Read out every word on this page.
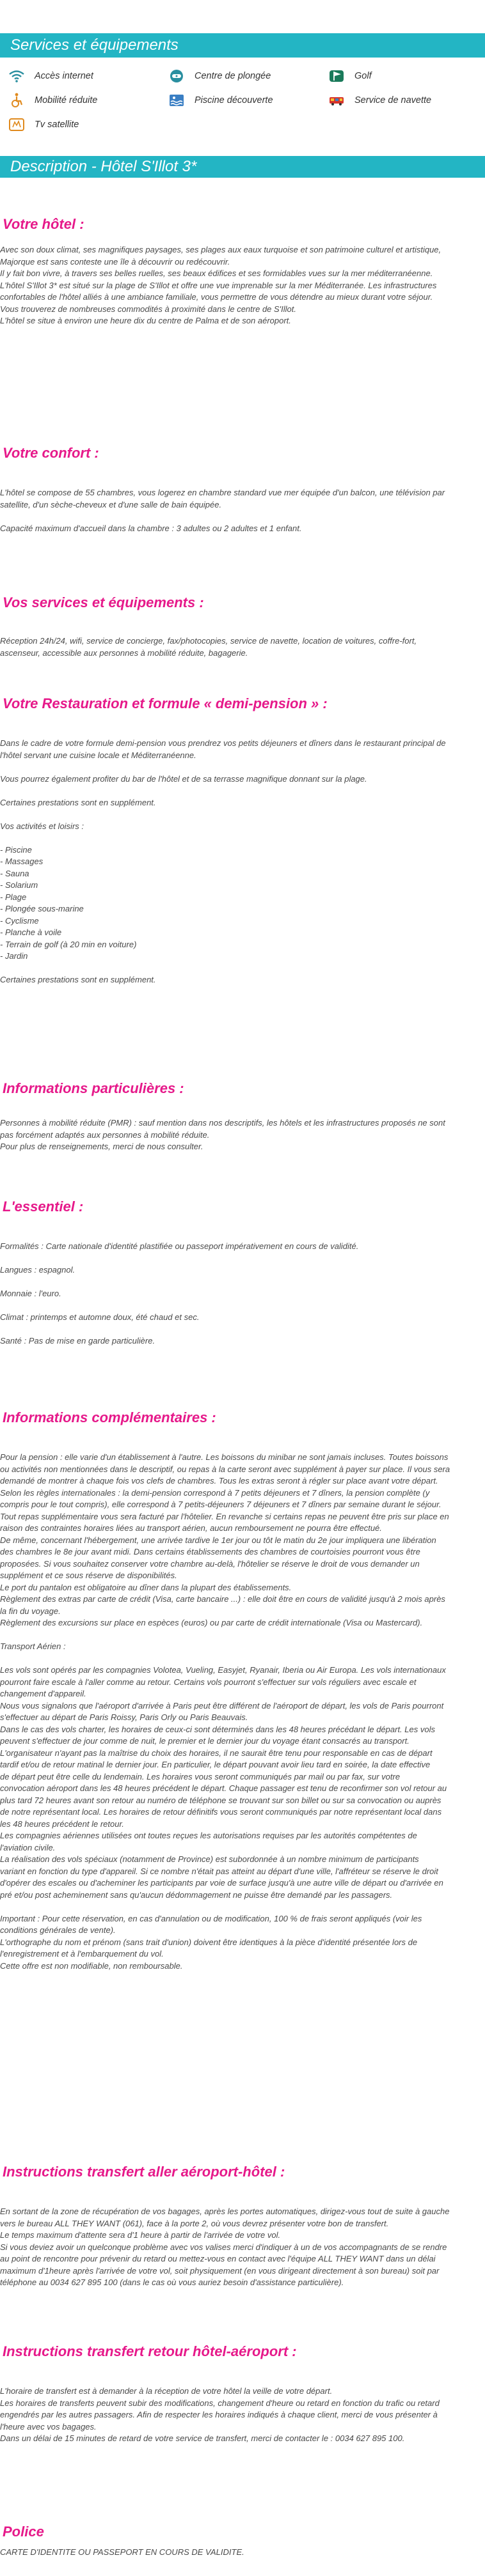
Services et équipements
Accès internet	Centre de plongée	Golf
Mobilité réduite	Piscine découverte	Service de navette
Tv satellite
Description - Hôtel S'Illot 3*
Votre hôtel :

Avec son doux climat, ses magnifiques paysages, ses plages aux eaux turquoise et son patrimoine culturel et artistique,
Majorque est sans conteste une île à découvrir ou redécouvrir.
Il y fait bon vivre, à travers ses belles ruelles, ses beaux édifices et ses formidables vues sur la mer méditerranéenne.
L'hôtel S'Illot 3* est situé sur la plage de S'Illot et offre une vue imprenable sur la mer Méditerranée. Les infrastructures
confortables de l'hôtel alliés à une ambiance familiale, vous permettre de vous détendre au mieux durant votre séjour.
Vous trouverez de nombreuses commodités à proximité dans le centre de S'Illot.
L'hôtel se situe à environ une heure dix du centre de Palma et de son aéroport.

Votre confort :

L'hôtel se compose de 55 chambres, vous logerez en chambre standard vue mer équipée d'un balcon, une télévision par
satellite, d'un sèche-cheveux et d'une salle de bain équipée.

Capacité maximum d'accueil dans la chambre : 3 adultes ou 2 adultes et 1 enfant.

Vos services et équipements :

Réception 24h/24, wifi, service de concierge, fax/photocopies, service de navette, location de voitures, coffre-fort,
ascenseur, accessible aux personnes à mobilité réduite, bagagerie.

Votre Restauration et formule « demi-pension » :

Dans le cadre de votre formule demi-pension vous prendrez vos petits déjeuners et dîners dans le restaurant principal de
l'hôtel servant une cuisine locale et Méditerranéenne.

Vous pourrez également profiter du bar de l'hôtel et de sa terrasse magnifique donnant sur la plage.

Certaines prestations sont en supplément.

Vos activités et loisirs :

- Piscine
- Massages
- Sauna
- Solarium
- Plage
- Plongée sous-marine
- Cyclisme
- Planche à voile
- Terrain de golf (à 20 min en voiture)
- Jardin

Certaines prestations sont en supplément.

Informations particulières :

Personnes à mobilité réduite (PMR) : sauf mention dans nos descriptifs, les hôtels et les infrastructures proposés ne sont
pas forcément adaptés aux personnes à mobilité réduite.
Pour plus de renseignements, merci de nous consulter.

L'essentiel :

Formalités : Carte nationale d'identité plastifiée ou passeport impérativement en cours de validité.

Langues : espagnol.

Monnaie : l'euro.

Climat : printemps et automne doux, été chaud et sec.

Santé : Pas de mise en garde particulière.

Informations complémentaires :

Pour la pension : elle varie d'un établissement à l'autre. Les boissons du minibar ne sont jamais incluses. Toutes boissons
ou activités non mentionnées dans le descriptif, ou repas à la carte seront avec supplément à payer sur place. Il vous sera
demandé de montrer à chaque fois vos clefs de chambres. Tous les extras seront à régler sur place avant votre départ.
Selon les règles internationales : la demi-pension correspond à 7 petits déjeuners et 7 dîners, la pension complète (y
compris pour le tout compris), elle correspond à 7 petits-déjeuners 7 déjeuners et 7 dîners par semaine durant le séjour.
Tout repas supplémentaire vous sera facturé par l'hôtelier. En revanche si certains repas ne peuvent être pris sur place en
raison des contraintes horaires liées au transport aérien, aucun remboursement ne pourra être effectué.
De même, concernant l'hébergement, une arrivée tardive le 1er jour ou tôt le matin du 2e jour impliquera une libération
des chambres le 8e jour avant midi. Dans certains établissements des chambres de courtoisies pourront vous être
proposées. Si vous souhaitez conserver votre chambre au-delà, l'hôtelier se réserve le droit de vous demander un
supplément et ce sous réserve de disponibilités.
Le port du pantalon est obligatoire au dîner dans la plupart des établissements.
Règlement des extras par carte de crédit (Visa, carte bancaire ...) : elle doit être en cours de validité jusqu'à 2 mois après
la fin du voyage.
Règlement des excursions sur place en espèces (euros) ou par carte de crédit internationale (Visa ou Mastercard).

Transport Aérien :

Les vols sont opérés par les compagnies Volotea, Vueling, Easyjet, Ryanair, Iberia ou Air Europa. Les vols internationaux
pourront faire escale à l'aller comme au retour. Certains vols pourront s'effectuer sur vols réguliers avec escale et
changement d'appareil.
Nous vous signalons que l'aéroport d'arrivée à Paris peut être différent de l'aéroport de départ, les vols de Paris pourront
s'effectuer au départ de Paris Roissy, Paris Orly ou Paris Beauvais.
Dans le cas des vols charter, les horaires de ceux-ci sont déterminés dans les 48 heures précédant le départ. Les vols
peuvent s'effectuer de jour comme de nuit, le premier et le dernier jour du voyage étant consacrés au transport.
L'organisateur n'ayant pas la maîtrise du choix des horaires, il ne saurait être tenu pour responsable en cas de départ
tardif et/ou de retour matinal le dernier jour. En particulier, le départ pouvant avoir lieu tard en soirée, la date effective
de départ peut être celle du lendemain. Les horaires vous seront communiqués par mail ou par fax, sur votre
convocation aéroport dans les 48 heures précédent le départ. Chaque passager est tenu de reconfirmer son vol retour au
plus tard 72 heures avant son retour au numéro de téléphone se trouvant sur son billet ou sur sa convocation ou auprès
de notre représentant local. Les horaires de retour définitifs vous seront communiqués par notre représentant local dans
les 48 heures précédent le retour.
Les compagnies aériennes utilisées ont toutes reçues les autorisations requises par les autorités compétentes de
l'aviation civile.
La réalisation des vols spéciaux (notamment de Province) est subordonnée à un nombre minimum de participants
variant en fonction du type d'appareil. Si ce nombre n'était pas atteint au départ d'une ville, l'affréteur se réserve le droit
d'opérer des escales ou d'acheminer les participants par voie de surface jusqu'à une autre ville de départ ou d'arrivée en
pré et/ou post acheminement sans qu'aucun dédommagement ne puisse être demandé par les passagers.

Important : Pour cette réservation, en cas d'annulation ou de modification, 100 % de frais seront appliqués (voir les
conditions générales de vente).
L'orthographe du nom et prénom (sans trait d'union) doivent être identiques à la pièce d'identité présentée lors de
l'enregistrement et à l'embarquement du vol.
Cette offre est non modifiable, non remboursable.

Instructions transfert aller aéroport-hôtel :

En sortant de la zone de récupération de vos bagages, après les portes automatiques, dirigez-vous tout de suite à gauche
vers le bureau ALL THEY WANT (061), face à la porte 2, où vous devrez présenter votre bon de transfert.
Le temps maximum d'attente sera d'1 heure à partir de l'arrivée de votre vol.
Si vous deviez avoir un quelconque problème avec vos valises merci d'indiquer à un de vos accompagnants de se rendre
au point de rencontre pour prévenir du retard ou mettez-vous en contact avec l'équipe ALL THEY WANT dans un délai
maximum d'1heure après l'arrivée de votre vol, soit physiquement (en vous dirigeant directement à son bureau) soit par
téléphone au 0034 627 895 100 (dans le cas où vous auriez besoin d'assistance particulière).

Instructions transfert retour hôtel-aéroport :

L'horaire de transfert est à demander à la réception de votre hôtel la veille de votre départ.
Les horaires de transferts peuvent subir des modifications, changement d'heure ou retard en fonction du trafic ou retard
engendrés par les autres passagers. Afin de respecter les horaires indiqués à chaque client, merci de vous présenter à
l'heure avec vos bagages.
Dans un délai de 15 minutes de retard de votre service de transfert, merci de contacter le : 0034 627 895 100.

Police

CARTE D'IDENTITE OU PASSEPORT EN COURS DE VALIDITE.
